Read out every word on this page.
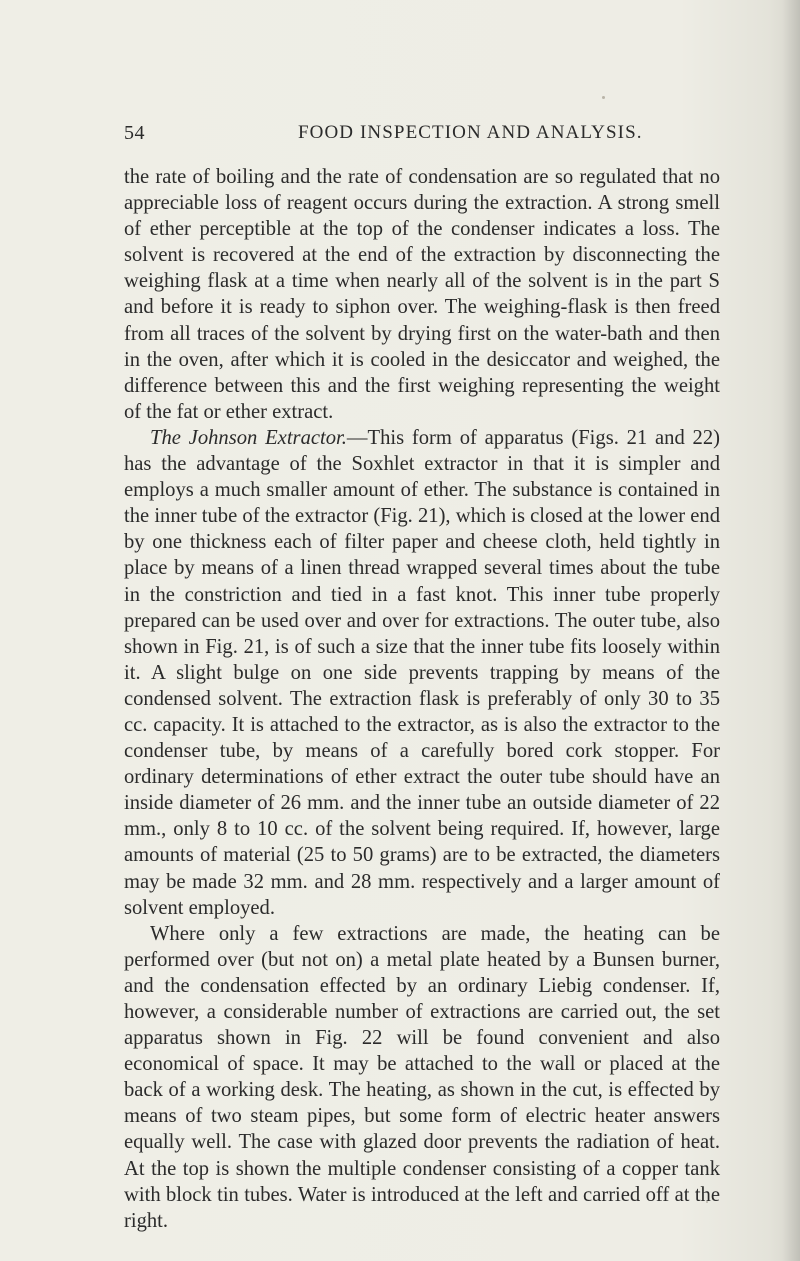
54	FOOD INSPECTION AND ANALYSIS.

the rate of boiling and the rate of condensation are so regulated that no appreciable loss of reagent occurs during the extraction. A strong smell of ether perceptible at the top of the condenser indicates a loss. The solvent is recovered at the end of the extraction by disconnecting the weighing flask at a time when nearly all of the solvent is in the part S and before it is ready to siphon over. The weighing-flask is then freed from all traces of the solvent by drying first on the water-bath and then in the oven, after which it is cooled in the desiccator and weighed, the difference between this and the first weighing representing the weight of the fat or ether extract.

The Johnson Extractor.—This form of apparatus (Figs. 21 and 22) has the advantage of the Soxhlet extractor in that it is simpler and employs a much smaller amount of ether. The substance is contained in the inner tube of the extractor (Fig. 21), which is closed at the lower end by one thickness each of filter paper and cheese cloth, held tightly in place by means of a linen thread wrapped several times about the tube in the constriction and tied in a fast knot. This inner tube properly prepared can be used over and over for extractions. The outer tube, also shown in Fig. 21, is of such a size that the inner tube fits loosely within it. A slight bulge on one side prevents trapping by means of the condensed solvent. The extraction flask is preferably of only 30 to 35 cc. capacity. It is attached to the extractor, as is also the extractor to the condenser tube, by means of a carefully bored cork stopper. For ordinary determinations of ether extract the outer tube should have an inside diameter of 26 mm. and the inner tube an outside diameter of 22 mm., only 8 to 10 cc. of the solvent being required. If, however, large amounts of material (25 to 50 grams) are to be extracted, the diameters may be made 32 mm. and 28 mm. respectively and a larger amount of solvent employed.

Where only a few extractions are made, the heating can be performed over (but not on) a metal plate heated by a Bunsen burner, and the condensation effected by an ordinary Liebig condenser. If, however, a considerable number of extractions are carried out, the set apparatus shown in Fig. 22 will be found convenient and also economical of space. It may be attached to the wall or placed at the back of a working desk. The heating, as shown in the cut, is effected by means of two steam pipes, but some form of electric heater answers equally well. The case with glazed door prevents the radiation of heat. At the top is shown the multiple condenser consisting of a copper tank with block tin tubes. Water is introduced at the left and carried off at the right.
